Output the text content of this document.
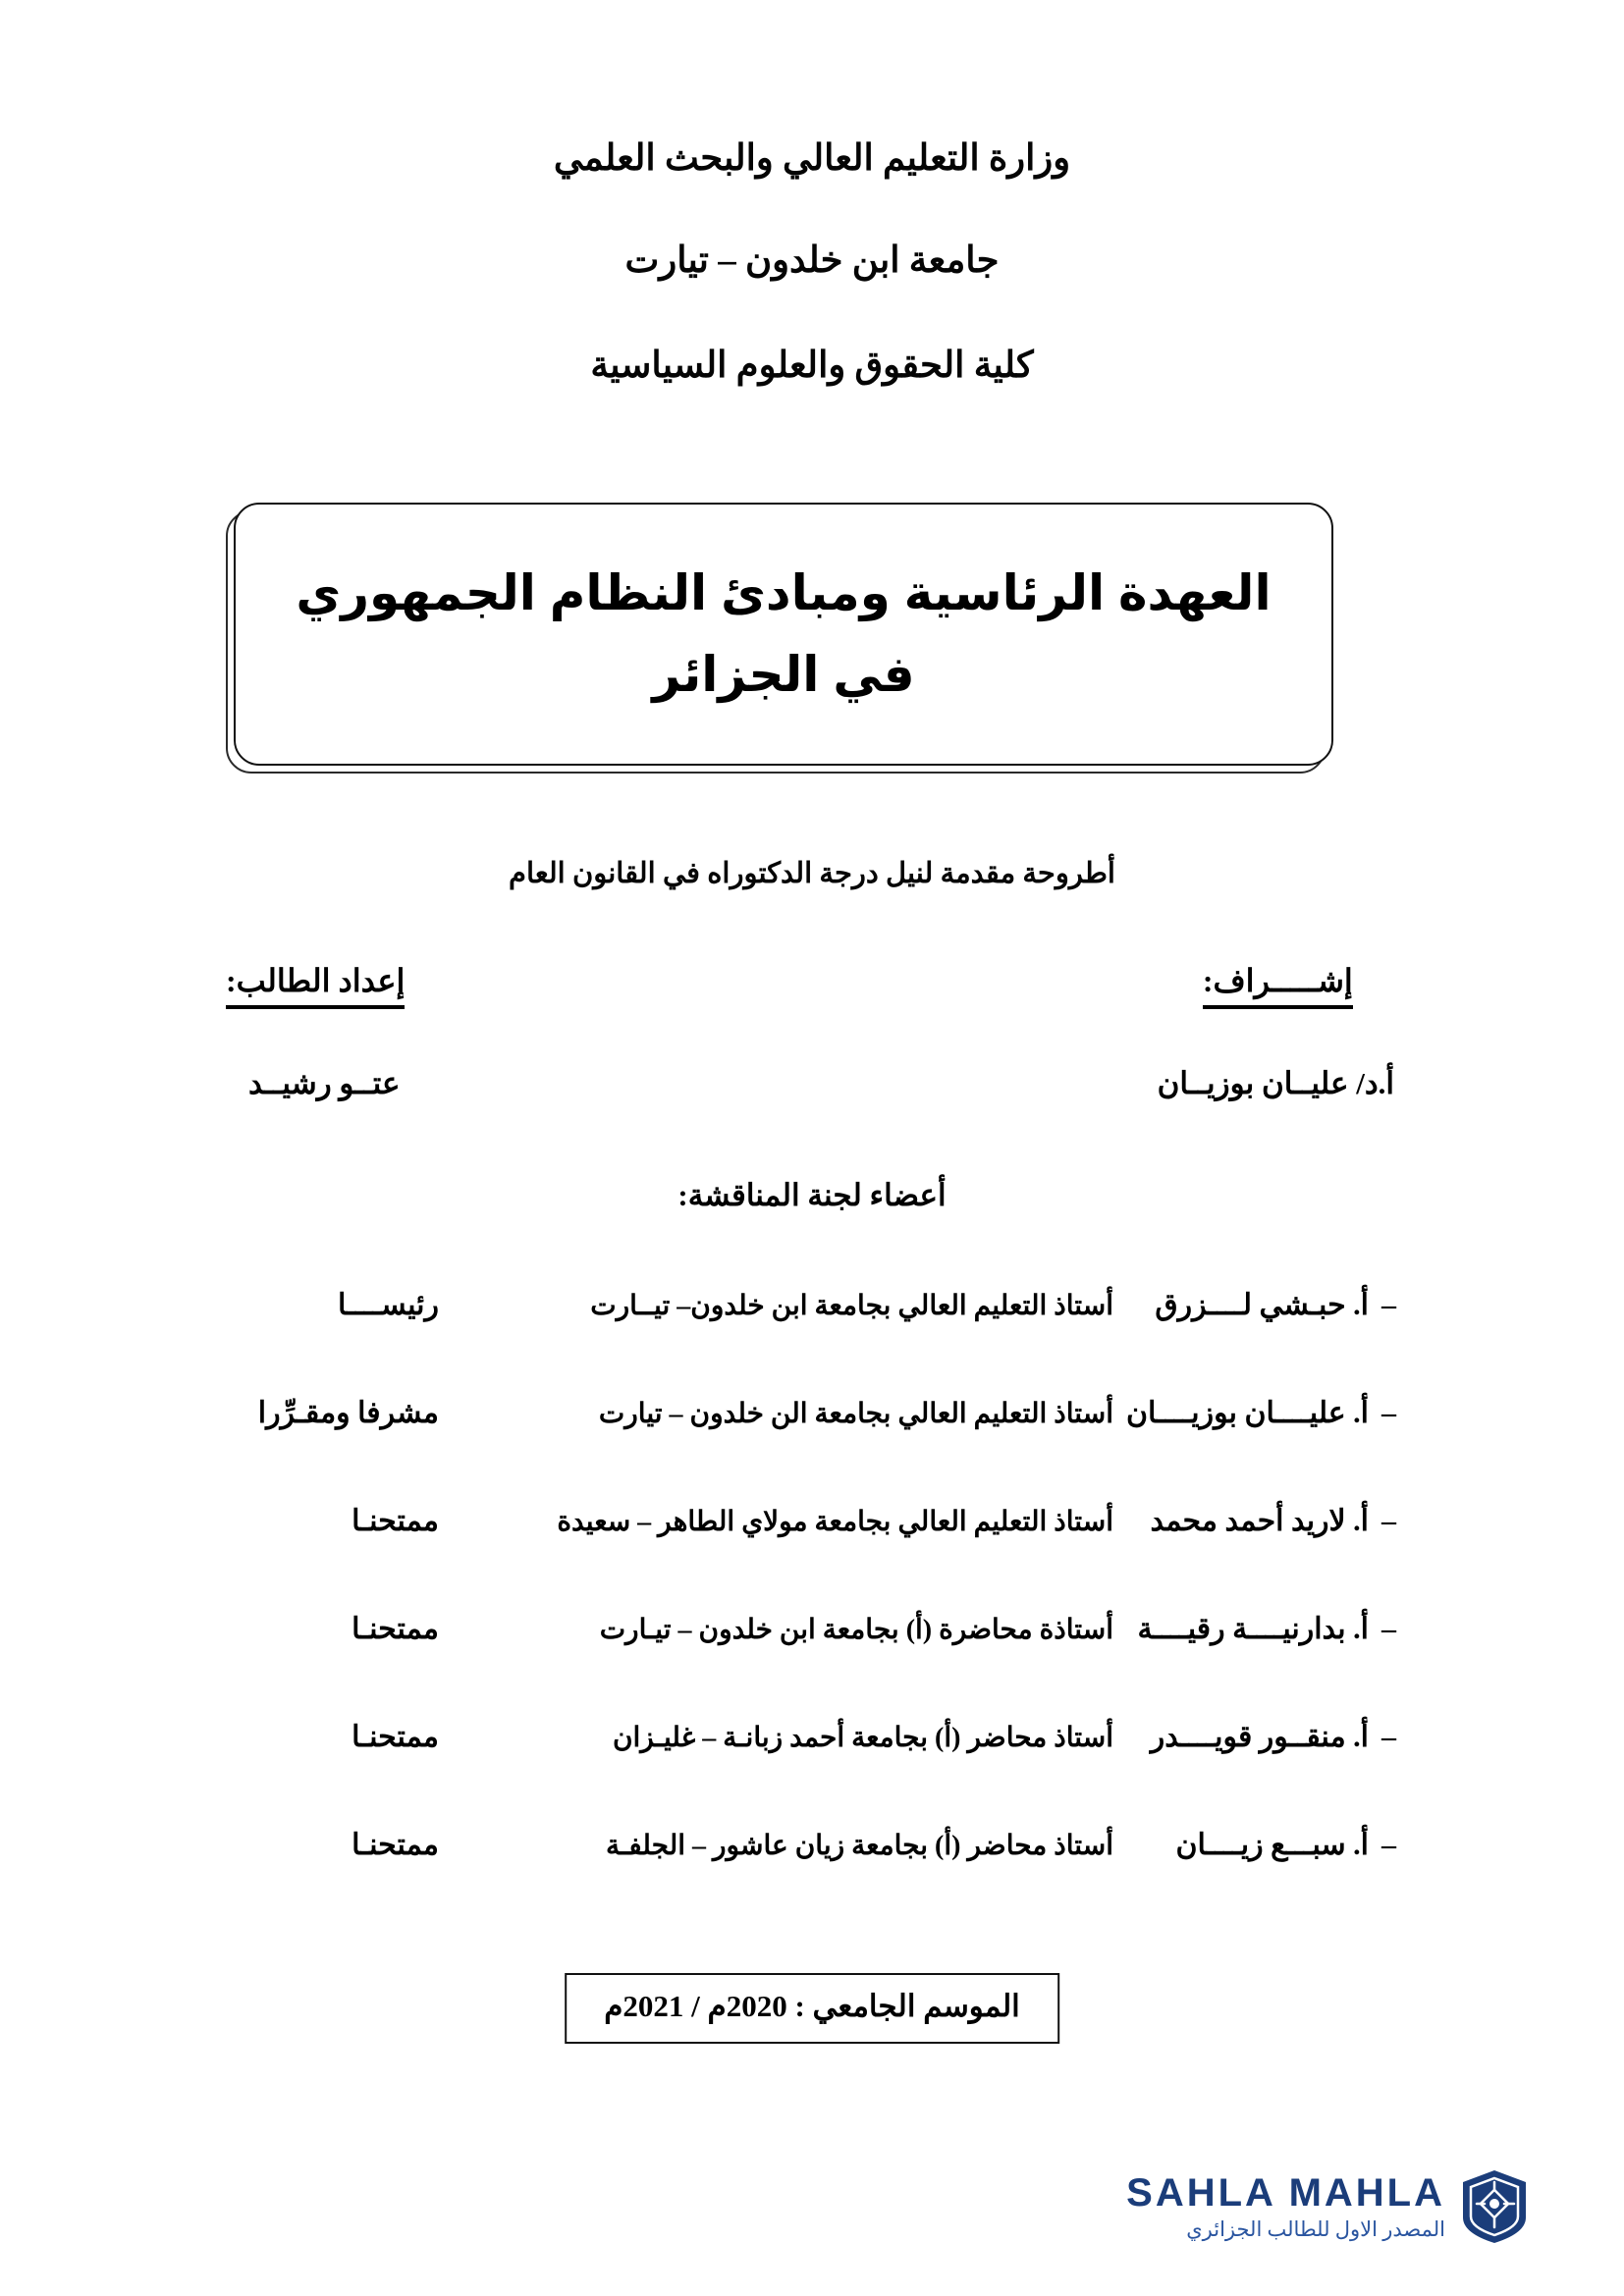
وزارة التعليم العالي والبحث العلمي
جامعة ابن خلدون – تيارت
كلية الحقوق والعلوم السياسية
العهدة الرئاسية ومبادئ النظام الجمهوري
في الجزائر
أطروحة مقدمة لنيل درجة الدكتوراه في القانون العام
إعداد الطالب:
عتــو رشيــد
إشـــــراف:
أ.د/ عليــان بوزيــان
أعضاء لجنة المناقشة:
–
أ. حبـشي لــــزرق
أستاذ التعليم العالي بجامعة ابن خلدون– تيــارت
رئيســــا
–
أ. عليــــان بوزيــــان
أستاذ التعليم العالي بجامعة الن خلدون – تيارت
مشرفا ومقـرِّرا
–
أ. لاريد أحمد محمد
أستاذ التعليم العالي بجامعة مولاي الطاهر – سعيدة
ممتحنـا
–
أ. بدارنيــــة رقيــــة
أستاذة محاضرة (أ) بجامعة ابن خلدون – تيـارت
ممتحنـا
–
أ. منقــور قويــــدر
أستاذ محاضر (أ) بجامعة أحمد زبانـة – غليـزان
ممتحنـا
–
أ. سبـــع زيــــان
أستاذ محاضر (أ) بجامعة زيان عاشور – الجلفـة
ممتحنـا
الموسم الجامعي : 2020م / 2021م
SAHLA MAHLA
المصدر الاول للطالب الجزائري
